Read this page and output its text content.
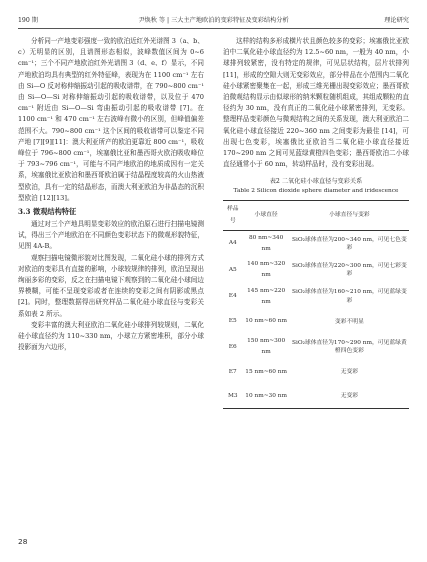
190 期	尹焕秋 等 | 三大主产地欧泊的变彩特征及变彩结构分析	理论研究

分析同一产地变彩强度一致的欧泊近红外光谱图 3（a、b、c）无明显的区别，且谱图形态相似，波峰数值区间为 0~6 cm⁻¹；三个不同产地欧泊红外光谱图 3（d、e、f）显示，不同产地欧泊均具有典型的红外特征峰，表现为在 1100 cm⁻¹ 左右由 Si—O 反对称伸缩振动引起的吸收谱带，在 790~800 cm⁻¹ 由 Si—O—Si 对称伸缩振动引起的吸收谱带，以及位于 470 cm⁻¹ 附近由 Si—O—Si 弯曲振动引起的吸收谱带 [7]。在 1100 cm⁻¹ 和 470 cm⁻¹ 左右波峰有微小的区别，但峰值偏差范围不大。790~800 cm⁻¹ 这个区间的吸收谱带可以鉴定不同产地 [7][9][11]：澳大利亚所产的欧泊更靠近 800 cm⁻¹，吸收峰位于 796~800 cm⁻¹，埃塞俄比亚和墨西哥火欧泊吸收峰位于 793~796 cm⁻¹，可能与不同产地欧泊的地质成因有一定关系，埃塞俄比亚欧泊和墨西哥欧泊属于结晶程度较高的火山热液型欧泊，具有一定的结晶形态，而澳大利亚欧泊为非晶态的沉积型欧泊 [12][13]。

3.3 微观结构特征

通过对三个产地具明显变彩效应的欧泊原石进行扫描电镜测试，得出三个产地欧泊在不同颜色变彩状态下的微观形貌特征，见图 4A-B。

观察扫描电镜微形貌对比图发现，二氧化硅小球的排列方式对欧泊的变彩具有直接的影响，小球较规律的排列，欧泊呈现出绚丽多彩的变彩，反之在扫描电镜下观察到的二氧化硅小球间边界模糊，可能不呈现变彩或者在连续的变彩之间有阴影或黑点 [2]。同时，整理数据得出研究样品二氧化硅小球直径与变彩关系如表 2 所示。

变彩丰富的澳大利亚欧泊二氧化硅小球排列较规则，二氧化硅小球直径约为 110~330 nm，小球立方紧密堆积，部分小球投影面为六边形，

这样的结构多形成横片状且颜色较多的变彩；埃塞俄比亚欧泊中二氧化硅小球直径约为 12.5~60 nm，一般为 40 nm，小球排列较紧密，没有特定的规律，可见层状结构，层片状排列 [11]，形成的空隙大则无变彩效应，部分样品在小范围内二氧化硅小球紧密聚集在一起，形成三维光栅出现变彩效应；墨西哥欧泊微观结构显示由似球形的纳米颗粒随机组成，其组成颗粒的直径约为 30 nm，没有真正的二氧化硅小球紧密排列，无变彩。整理样品变彩颜色与微观结构之间的关系发现，澳大利亚欧泊二氧化硅小球直径接近 220~360 nm 之间变彩为最佳 [14]，可出现七色变彩，埃塞俄比亚欧泊当二氧化硅小球直径接近 170~290 nm 之间可见蓝绿黄橙四色变彩；墨西哥欧泊二小球直径通常小于 60 nm，转动样品时，没有变彩出现。

表2 二氧化硅小球直径与变彩关系
Table 2 Silicon dioxide sphere diameter and iridescence
样品号	小球直径	小球直径与变彩
A4	80 nm~340 nm	SiO₂球体直径为200~340 nm，可见七色变彩
A5	140 nm~320 nm	SiO₂球体直径为220~300 nm，可见七彩变彩
E4	145 nm~220 nm	SiO₂球体直径为160~210 nm，可见蓝绿变彩
E5	10 nm~60 nm	变彩不明显
E6	150 nm~300 nm	SiO₂球体直径为170~290 nm，可见蓝绿黄橙四色变彩
E7	15 nm~60 nm	无变彩
M3	10 nm~30 nm	无变彩
28
